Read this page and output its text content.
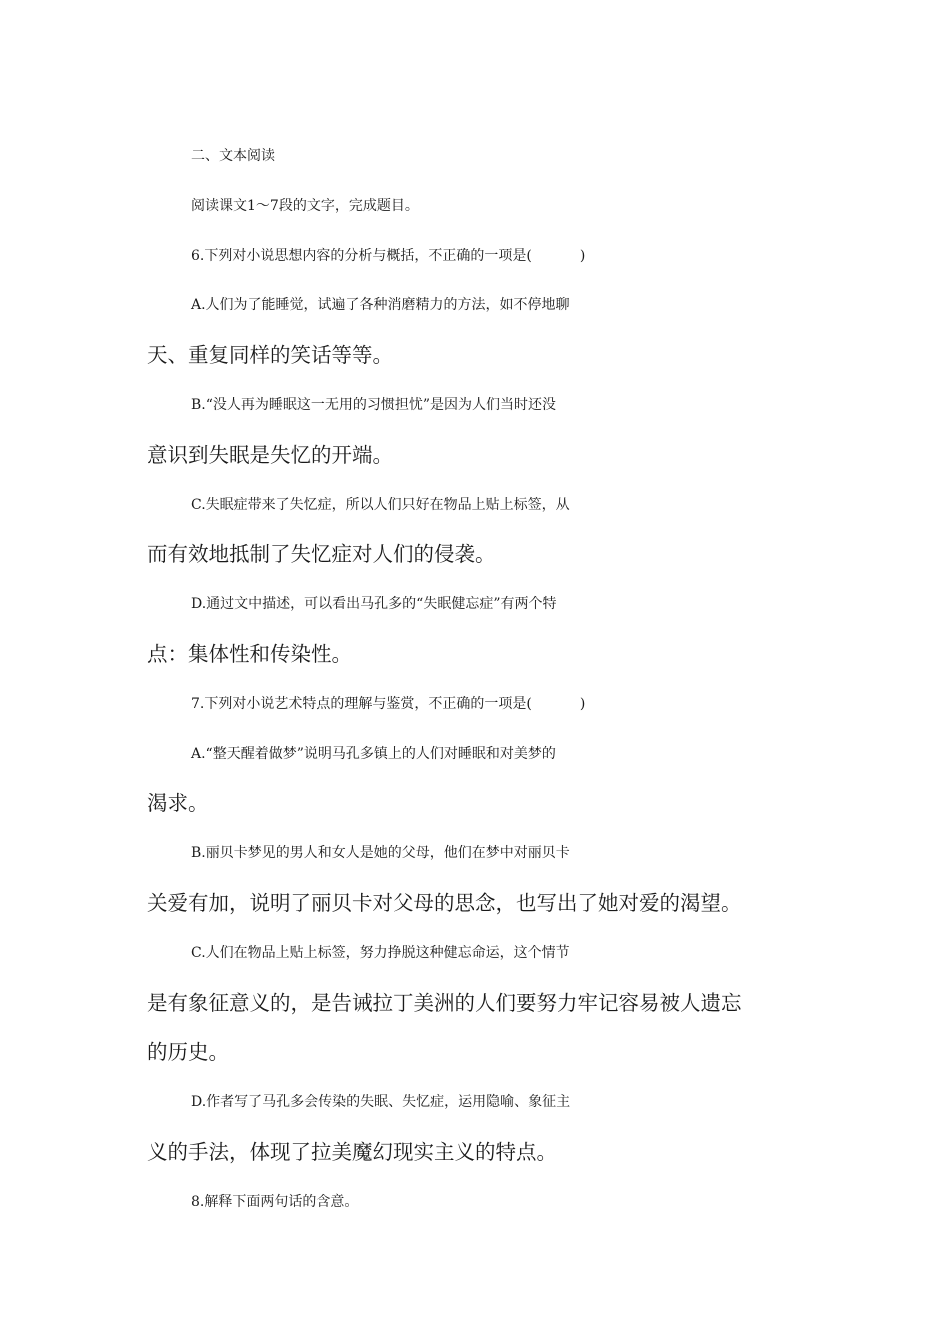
二、文本阅读
阅读课文1～7段的文字，完成题目。
6.下列对小说思想内容的分析与概括，不正确的一项是(	)
A.人们为了能睡觉，试遍了各种消磨精力的方法，如不停地聊
天、重复同样的笑话等等。
B.“没人再为睡眠这一无用的习惯担忧”是因为人们当时还没
意识到失眠是失忆的开端。
C.失眠症带来了失忆症，所以人们只好在物品上贴上标签，从
而有效地抵制了失忆症对人们的侵袭。
D.通过文中描述，可以看出马孔多的“失眠健忘症”有两个特
点：集体性和传染性。
7.下列对小说艺术特点的理解与鉴赏，不正确的一项是(	)
A.“整天醒着做梦”说明马孔多镇上的人们对睡眠和对美梦的
渴求。
B.丽贝卡梦见的男人和女人是她的父母，他们在梦中对丽贝卡
关爱有加，说明了丽贝卡对父母的思念，也写出了她对爱的渴望。
C.人们在物品上贴上标签，努力挣脱这种健忘命运，这个情节
是有象征意义的，是告诫拉丁美洲的人们要努力牢记容易被人遗忘
的历史。
D.作者写了马孔多会传染的失眠、失忆症，运用隐喻、象征主
义的手法，体现了拉美魔幻现实主义的特点。
8.解释下面两句话的含意。
